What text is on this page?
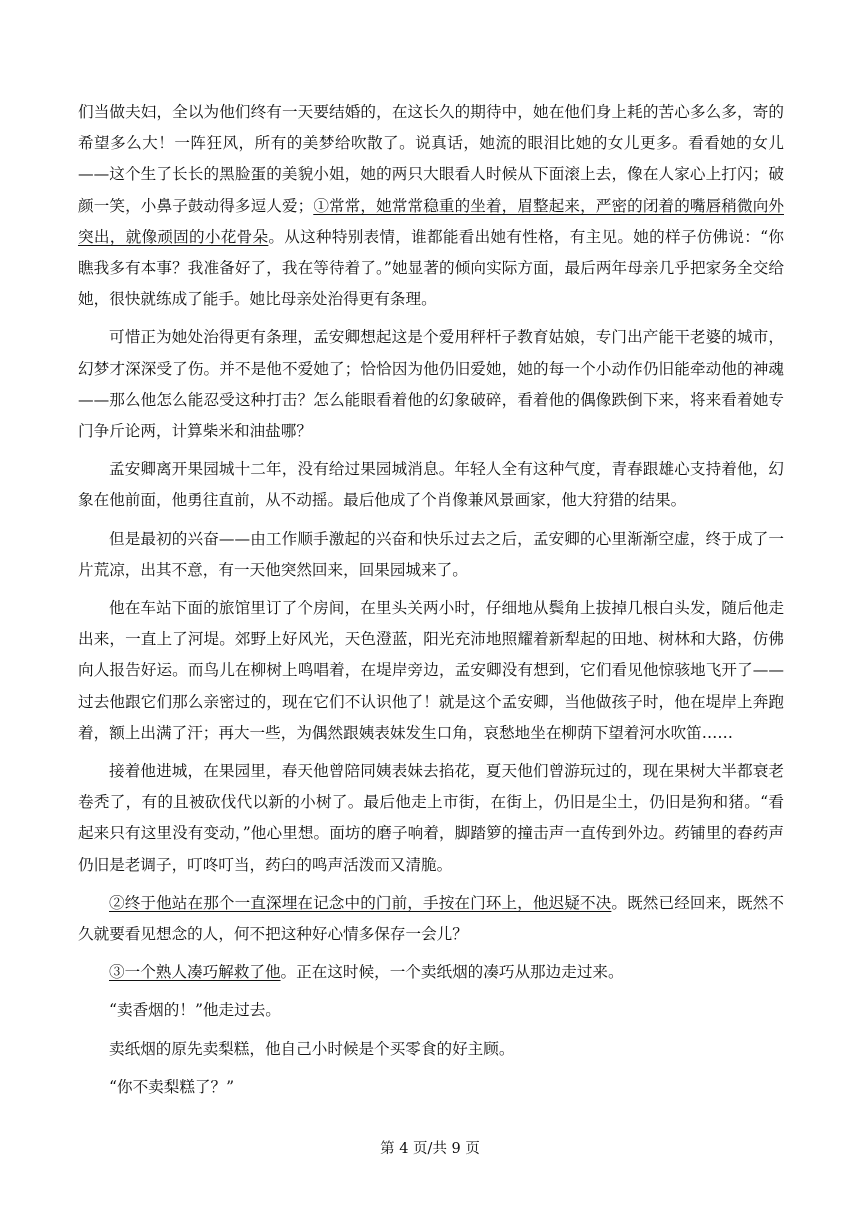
们当做夫妇，全以为他们终有一天要结婚的，在这长久的期待中，她在他们身上耗的苦心多么多，寄的希望多么大！一阵狂风，所有的美梦给吹散了。说真话，她流的眼泪比她的女儿更多。看看她的女儿——这个生了长长的黑脸蛋的美貌小姐，她的两只大眼看人时候从下面滚上去，像在人家心上打闪；破颜一笑，小鼻子鼓动得多逗人爱；①常常，她常常稳重的坐着，眉整起来，严密的闭着的嘴唇稍微向外突出，就像顽固的小花骨朵。从这种特别表情，谁都能看出她有性格，有主见。她的样子仿佛说：“你瞧我多有本事？我准备好了，我在等待着了。”她显著的倾向实际方面，最后两年母亲几乎把家务全交给她，很快就练成了能手。她比母亲处治得更有条理。

可惜正为她处治得更有条理，孟安卿想起这是个爱用秤杆子教育姑娘，专门出产能干老婆的城市，幻梦才深深受了伤。并不是他不爱她了；恰恰因为他仍旧爱她，她的每一个小动作仍旧能牵动他的神魂——那么他怎么能忍受这种打击？怎么能眼看着他的幻象破碎，看着他的偶像跌倒下来，将来看着她专门争斤论两，计算柴米和油盐哪？

孟安卿离开果园城十二年，没有给过果园城消息。年轻人全有这种气度，青春跟雄心支持着他，幻象在他前面，他勇往直前，从不动摇。最后他成了个肖像兼风景画家，他大狩猎的结果。

但是最初的兴奋——由工作顺手激起的兴奋和快乐过去之后，孟安卿的心里渐渐空虚，终于成了一片荒凉，出其不意，有一天他突然回来，回果园城来了。

他在车站下面的旅馆里订了个房间，在里头关两小时，仔细地从鬓角上拔掉几根白头发，随后他走出来，一直上了河堤。郊野上好风光，天色澄蓝，阳光充沛地照耀着新犁起的田地、树林和大路，仿佛向人报告好运。而鸟儿在柳树上鸣唱着，在堤岸旁边，孟安卿没有想到，它们看见他惊骇地飞开了——过去他跟它们那么亲密过的，现在它们不认识他了！就是这个孟安卿，当他做孩子时，他在堤岸上奔跑着，额上出满了汗；再大一些，为偶然跟姨表妹发生口角，哀愁地坐在柳荫下望着河水吹笛……

接着他进城，在果园里，春天他曾陪同姨表妹去掐花，夏天他们曾游玩过的，现在果树大半都衰老卷秃了，有的且被砍伐代以新的小树了。最后他走上市街，在街上，仍旧是尘土，仍旧是狗和猪。“看起来只有这里没有变动，”他心里想。面坊的磨子响着，脚踏箩的撞击声一直传到外边。药铺里的舂药声仍旧是老调子，叮咚叮当，药臼的鸣声活泼而又清脆。

②终于他站在那个一直深埋在记念中的门前，手按在门环上，他迟疑不决。既然已经回来，既然不久就要看见想念的人，何不把这种好心情多保存一会儿？

③一个熟人凑巧解救了他。正在这时候，一个卖纸烟的凑巧从那边走过来。

“卖香烟的！”他走过去。

卖纸烟的原先卖梨糕，他自己小时候是个买零食的好主顾。

“你不卖梨糕了？”

第 4 页/共 9 页
